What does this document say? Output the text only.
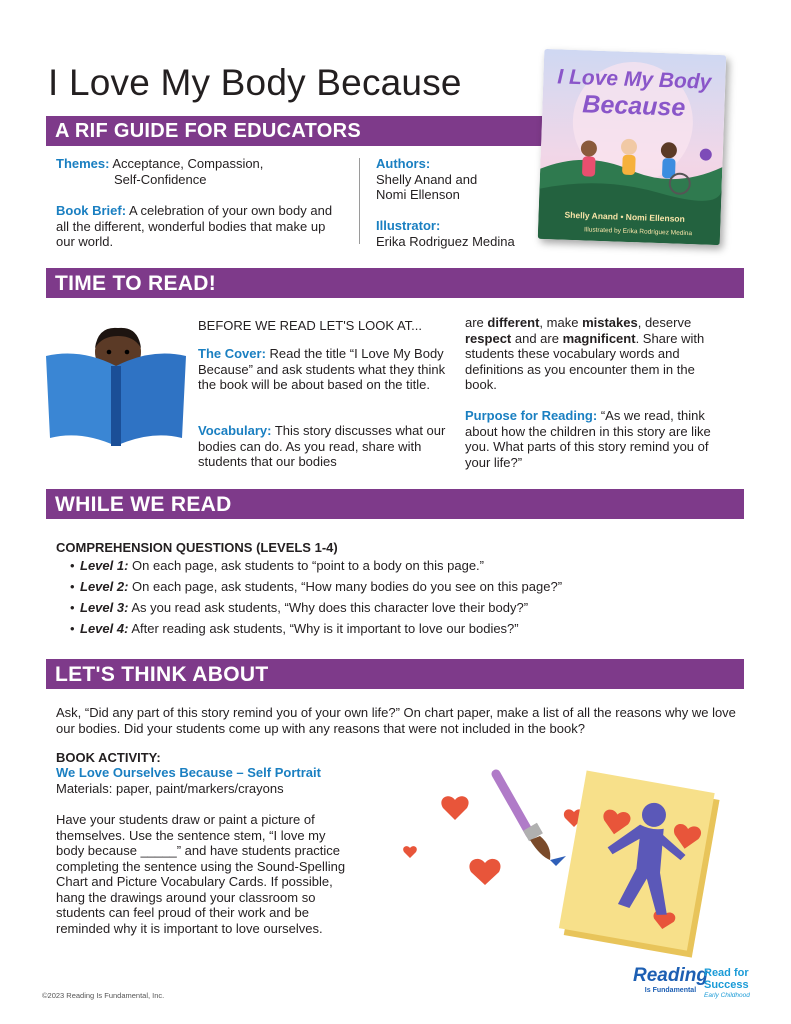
I Love My Body Because
A RIF GUIDE FOR EDUCATORS
Themes: Acceptance, Compassion,
Self-Confidence
Book Brief: A celebration of your own body and all the different, wonderful bodies that make up our world.
Authors:
Shelly Anand and
Nomi Ellenson
Illustrator:
Erika Rodriguez Medina
I Love My Body
Because
Shelly Anand • Nomi Ellenson
Illustrated by Erika Rodriguez Medina
TIME TO READ!
BEFORE WE READ LET'S LOOK AT...
The Cover: Read the title “I Love My Body Because” and ask students what they think the book will be about based on the title.
Vocabulary: This story discusses what our bodies can do. As you read, share with students that our bodies
are different, make mistakes, deserve respect and are magnificent. Share with students these vocabulary words and definitions as you encounter them in the book.
Purpose for Reading: “As we read, think about how the children in this story are like you. What parts of this story remind you of your life?”
WHILE WE READ
COMPREHENSION QUESTIONS (LEVELS 1-4)
• Level 1: On each page, ask students to “point to a body on this page.”
• Level 2: On each page, ask students, “How many bodies do you see on this page?”
• Level 3: As you read ask students, “Why does this character love their body?”
• Level 4: After reading ask students, “Why is it important to love our bodies?”
LET'S THINK ABOUT
Ask, “Did any part of this story remind you of your own life?” On chart paper, make a list of all the reasons why we love our bodies. Did your students come up with any reasons that were not included in the book?
BOOK ACTIVITY:
We Love Ourselves Because – Self Portrait
Materials: paper, paint/markers/crayons
Have your students draw or paint a picture of themselves. Use the sentence stem, “I love my body because _____” and have students practice completing the sentence using the Sound-Spelling Chart and Picture Vocabulary Cards. If possible, hang the drawings around your classroom so students can feel proud of their work and be reminded why it is important to love ourselves.
©2023 Reading Is Fundamental, Inc.
Reading
Is Fundamental
Read for
Success
Early Childhood
